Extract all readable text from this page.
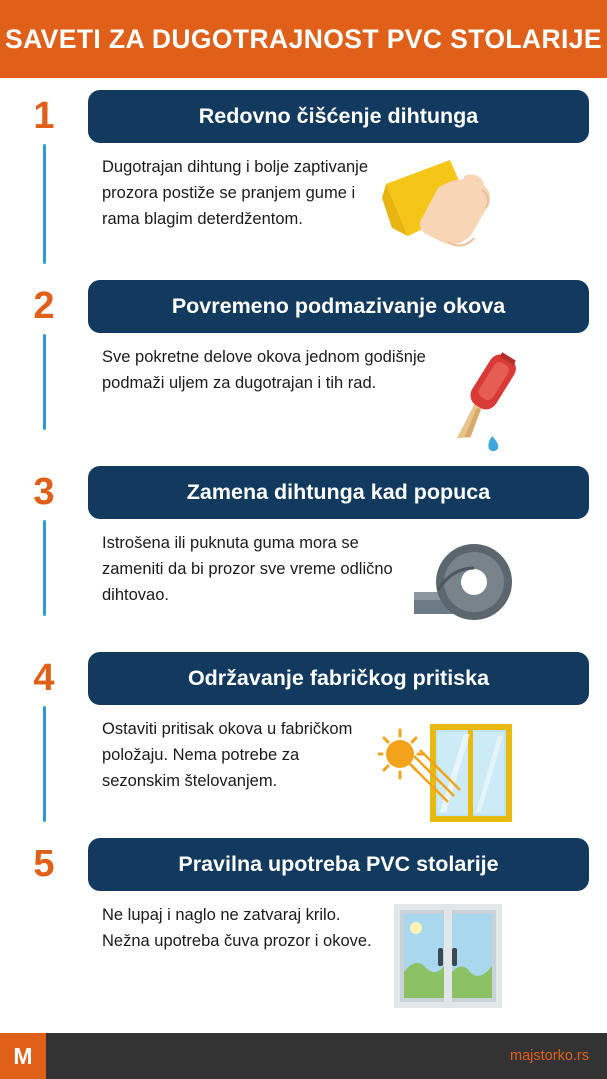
SAVETI ZA DUGOTRAJNOST PVC STOLARIJE
1	Redovno čišćenje dihtunga
Dugotrajan dihtung i bolje zaptivanje prozora postiže se pranjem gume i rama blagim deterdžentom.
2	Povremeno podmazivanje okova
Sve pokretne delove okova jednom godišnje podmaži uljem za dugotrajan i tih rad.
3	Zamena dihtunga kad popuca
Istrošena ili puknuta guma mora se zameniti da bi prozor sve vreme odlično dihtovao.
4	Održavanje fabričkog pritiska
Ostaviti pritisak okova u fabričkom položaju. Nema potrebe za sezonskim štelovanjem.
5	Pravilna upotreba PVC stolarije
Ne lupaj i naglo ne zatvaraj krilo. Nežna upotreba čuva prozor i okove.
M	majstorko.rs
